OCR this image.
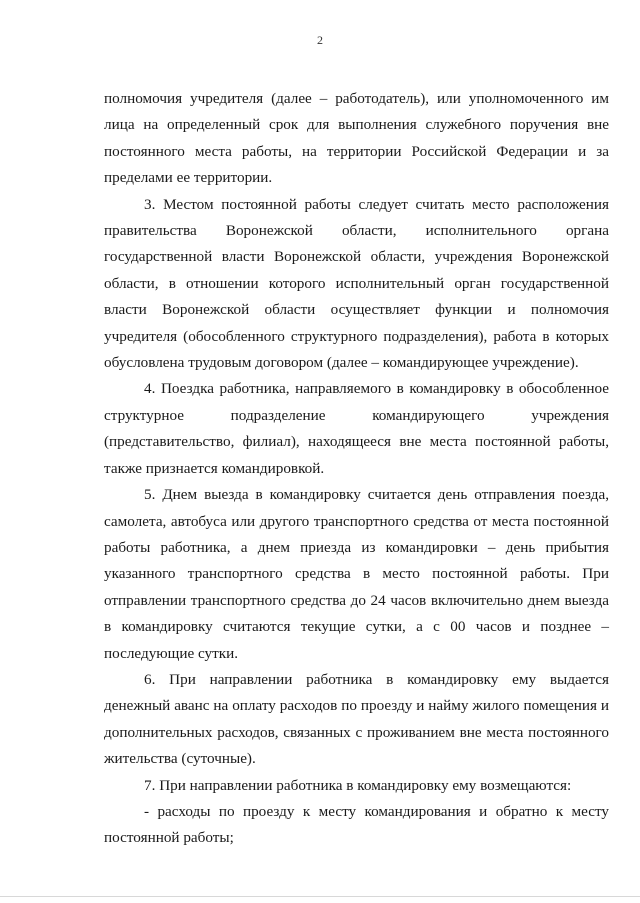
2

полномочия учредителя (далее – работодатель), или уполномоченного им лица на определенный срок для выполнения служебного поручения вне постоянного места работы, на территории Российской Федерации и за пределами ее территории.

3. Местом постоянной работы следует считать место расположения правительства Воронежской области, исполнительного органа государственной власти Воронежской области, учреждения Воронежской области, в отношении которого исполнительный орган государственной власти Воронежской области осуществляет функции и полномочия учредителя (обособленного структурного подразделения), работа в которых обусловлена трудовым договором (далее – командирующее учреждение).

4. Поездка работника, направляемого в командировку в обособленное структурное подразделение командирующего учреждения (представительство, филиал), находящееся вне места постоянной работы, также признается командировкой.

5. Днем выезда в командировку считается день отправления поезда, самолета, автобуса или другого транспортного средства от места постоянной работы работника, а днем приезда из командировки – день прибытия указанного транспортного средства в место постоянной работы. При отправлении транспортного средства до 24 часов включительно днем выезда в командировку считаются текущие сутки, а с 00 часов и позднее – последующие сутки.

6. При направлении работника в командировку ему выдается денежный аванс на оплату расходов по проезду и найму жилого помещения и дополнительных расходов, связанных с проживанием вне места постоянного жительства (суточные).

7. При направлении работника в командировку ему возмещаются:

- расходы по проезду к месту командирования и обратно к месту постоянной работы;
